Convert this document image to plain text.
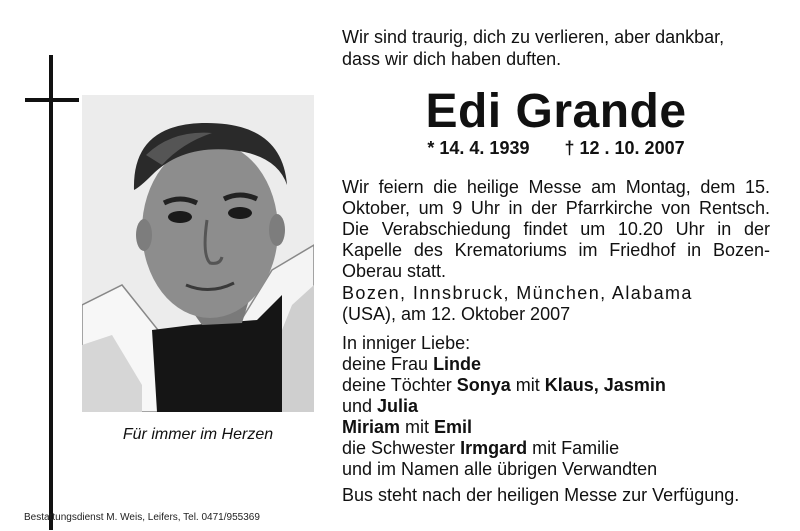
Für immer im Herzen
Wir sind traurig, dich zu verlieren, aber dankbar,
dass wir dich haben duften.
Edi Grande
* 14. 4. 1939 † 12 . 10. 2007
Wir feiern die heilige Messe am Montag, dem 15. Oktober, um 9 Uhr in der Pfarrkirche von Rentsch. Die Verabschiedung findet um 10.20 Uhr in der Kapelle des Krematoriums im Friedhof in Bozen-Oberau statt.
Bozen, Innsbruck, München, Alabama
(USA), am 12. Oktober 2007
In inniger Liebe:
deine Frau Linde
deine Töchter Sonya mit Klaus, Jasmin
und Julia
Miriam mit Emil
die Schwester Irmgard mit Familie
und im Namen alle übrigen Verwandten
Bus steht nach der heiligen Messe zur Verfügung.
Bestattungsdienst M. Weis, Leifers, Tel. 0471/955369
